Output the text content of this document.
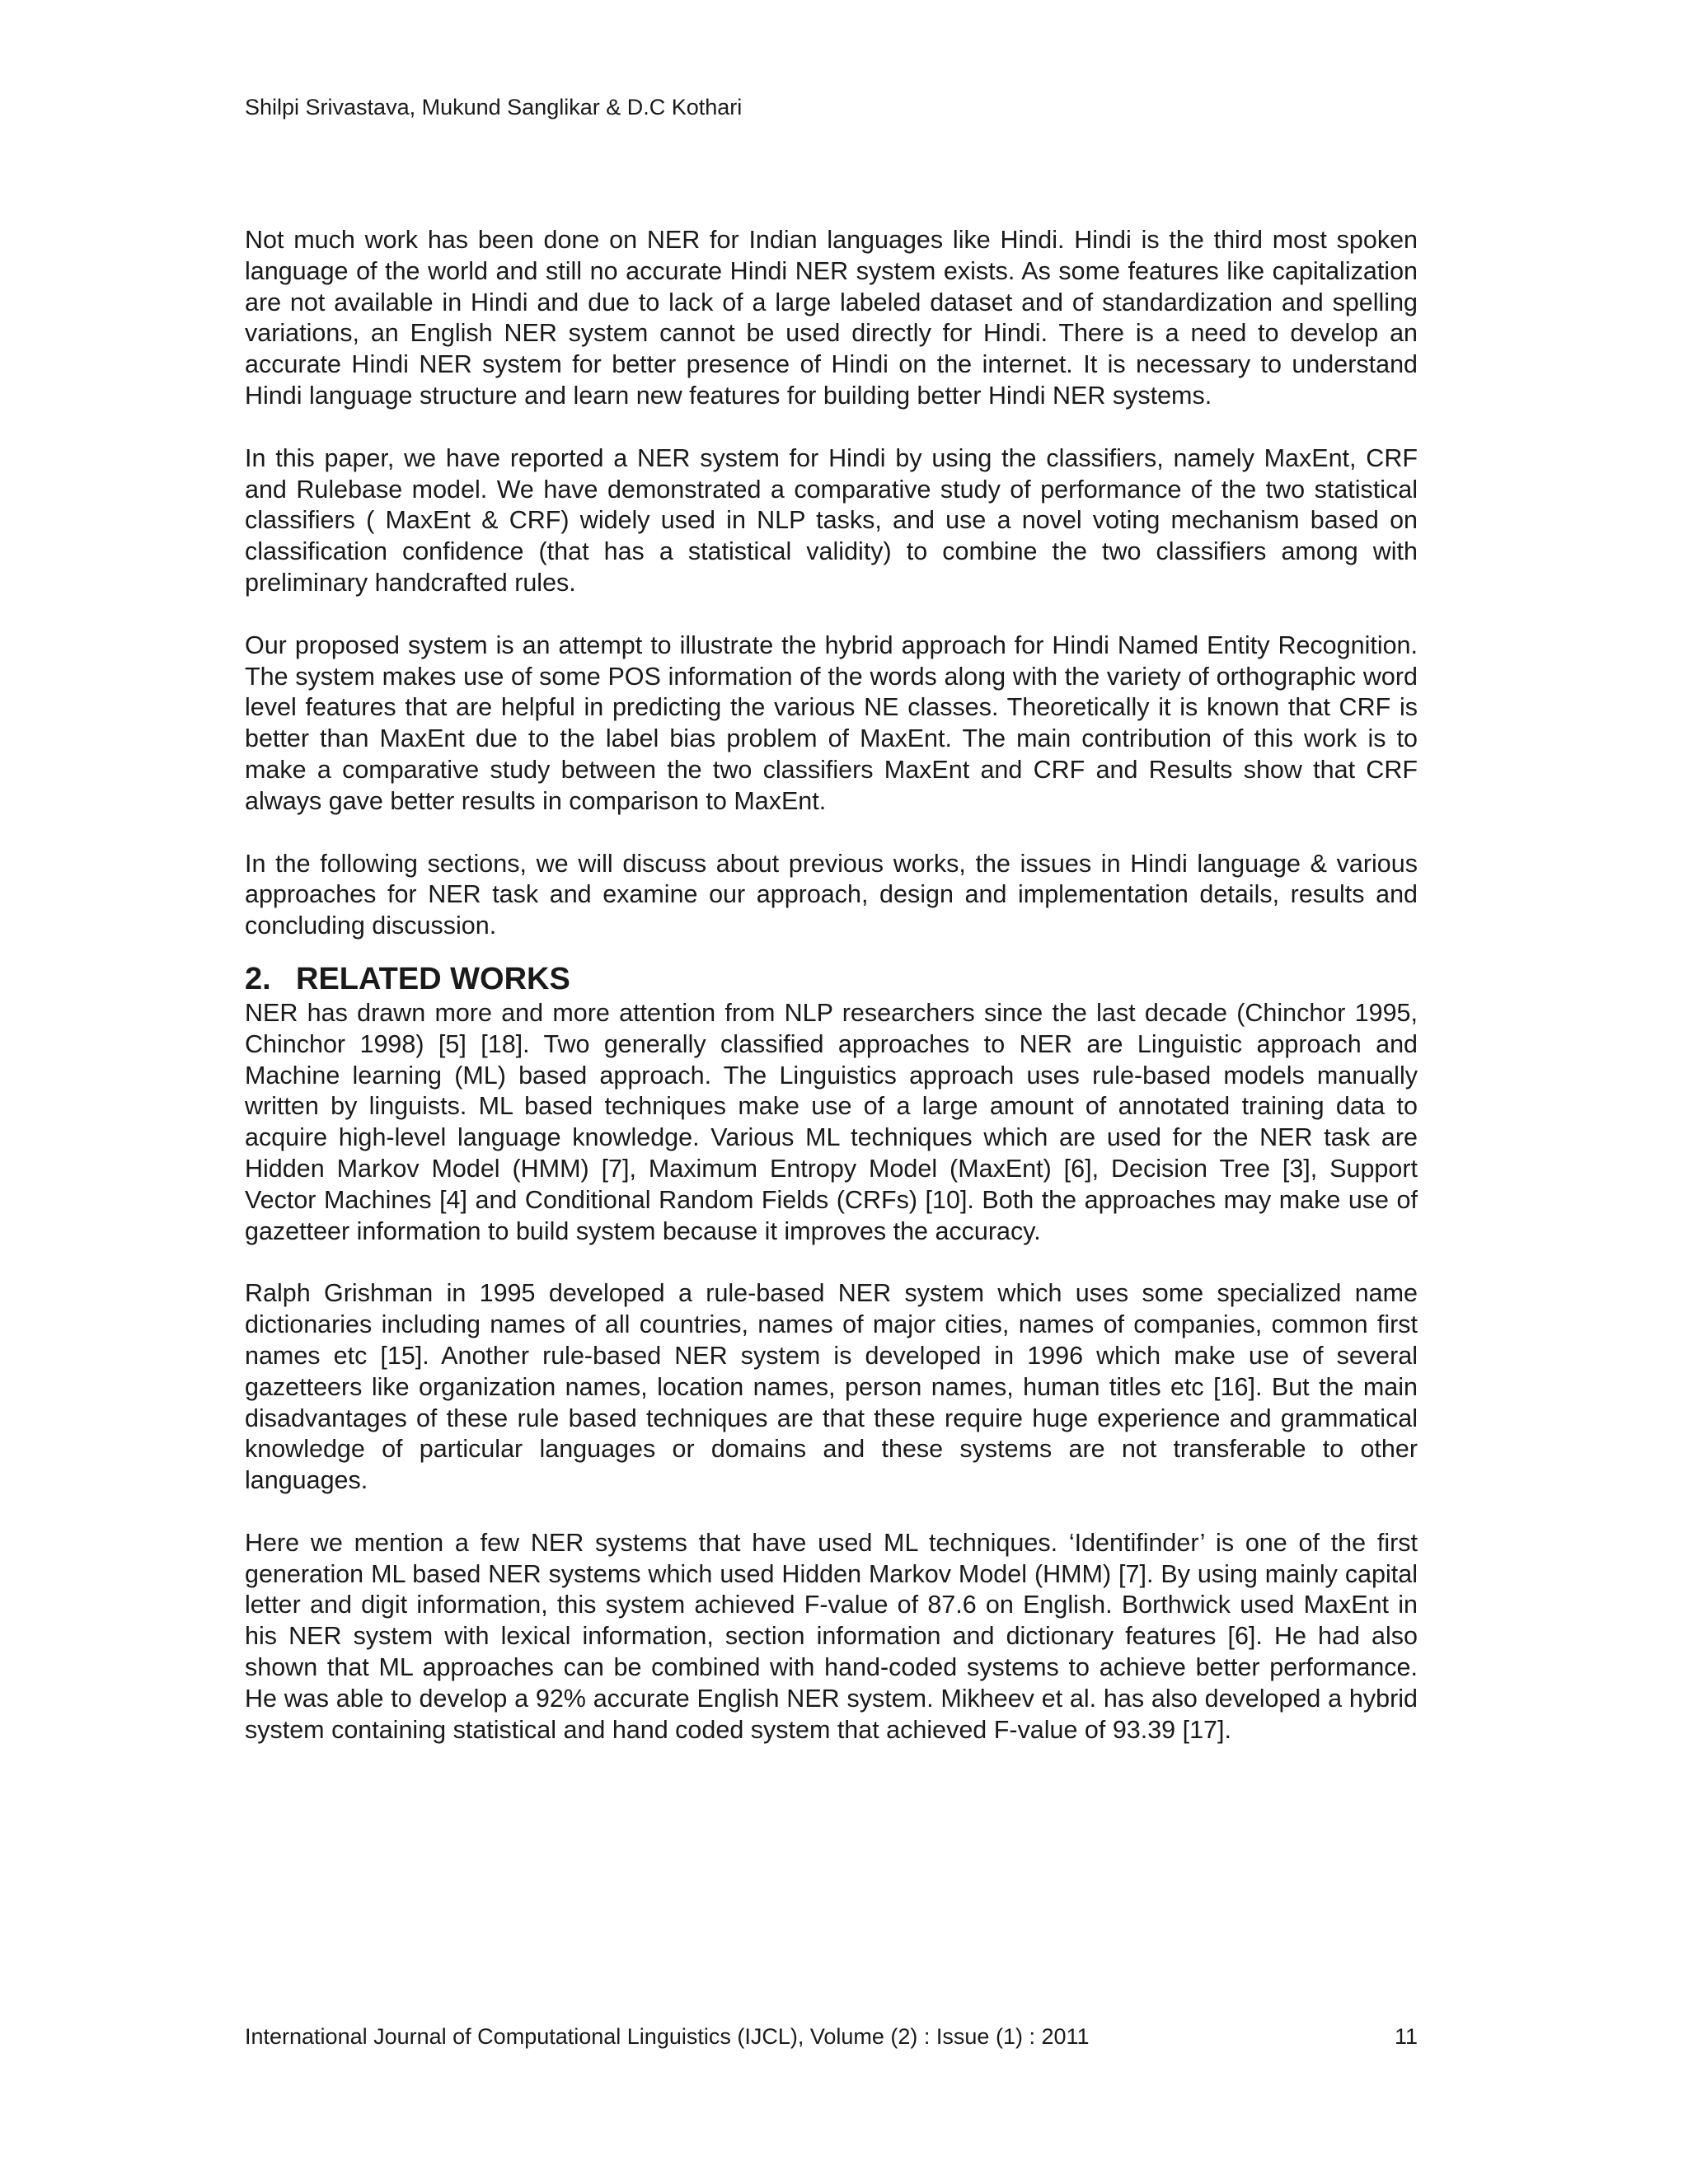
Shilpi Srivastava, Mukund Sanglikar & D.C Kothari

Not much work has been done on NER for Indian languages like Hindi. Hindi is the third most spoken language of the world and still no accurate Hindi NER system exists. As some features like capitalization are not available in Hindi and due to lack of a large labeled dataset and of standardization and spelling variations, an English NER system cannot be used directly for Hindi. There is a need to develop an accurate Hindi NER system for better presence of Hindi on the internet. It is necessary to understand Hindi language structure and learn new features for building better Hindi NER systems.

In this paper, we have reported a NER system for Hindi by using the classifiers, namely MaxEnt, CRF and Rulebase model. We have demonstrated a comparative study of performance of the two statistical classifiers ( MaxEnt & CRF) widely used in NLP tasks, and use a novel voting mechanism based on classification confidence (that has a statistical validity) to combine the two classifiers among with preliminary handcrafted rules.

Our proposed system is an attempt to illustrate the hybrid approach for Hindi Named Entity Recognition. The system makes use of some POS information of the words along with the variety of orthographic word level features that are helpful in predicting the various NE classes. Theoretically it is known that CRF is better than MaxEnt due to the label bias problem of MaxEnt. The main contribution of this work is to make a comparative study between the two classifiers MaxEnt and CRF and Results show that CRF always gave better results in comparison to MaxEnt.

In the following sections, we will discuss about previous works, the issues in Hindi language & various approaches for NER task and examine our approach, design and implementation details, results and concluding discussion.

2. RELATED WORKS

NER has drawn more and more attention from NLP researchers since the last decade (Chinchor 1995, Chinchor 1998) [5] [18]. Two generally classified approaches to NER are Linguistic approach and Machine learning (ML) based approach. The Linguistics approach uses rule-based models manually written by linguists. ML based techniques make use of a large amount of annotated training data to acquire high-level language knowledge. Various ML techniques which are used for the NER task are Hidden Markov Model (HMM) [7], Maximum Entropy Model (MaxEnt) [6], Decision Tree [3], Support Vector Machines [4] and Conditional Random Fields (CRFs) [10]. Both the approaches may make use of gazetteer information to build system because it improves the accuracy.

Ralph Grishman in 1995 developed a rule-based NER system which uses some specialized name dictionaries including names of all countries, names of major cities, names of companies, common first names etc [15]. Another rule-based NER system is developed in 1996 which make use of several gazetteers like organization names, location names, person names, human titles etc [16]. But the main disadvantages of these rule based techniques are that these require huge experience and grammatical knowledge of particular languages or domains and these systems are not transferable to other languages.

Here we mention a few NER systems that have used ML techniques. ‘Identifinder’ is one of the first generation ML based NER systems which used Hidden Markov Model (HMM) [7]. By using mainly capital letter and digit information, this system achieved F-value of 87.6 on English. Borthwick used MaxEnt in his NER system with lexical information, section information and dictionary features [6]. He had also shown that ML approaches can be combined with hand-coded systems to achieve better performance. He was able to develop a 92% accurate English NER system. Mikheev et al. has also developed a hybrid system containing statistical and hand coded system that achieved F-value of 93.39 [17].

International Journal of Computational Linguistics (IJCL), Volume (2) : Issue (1) : 2011	11
